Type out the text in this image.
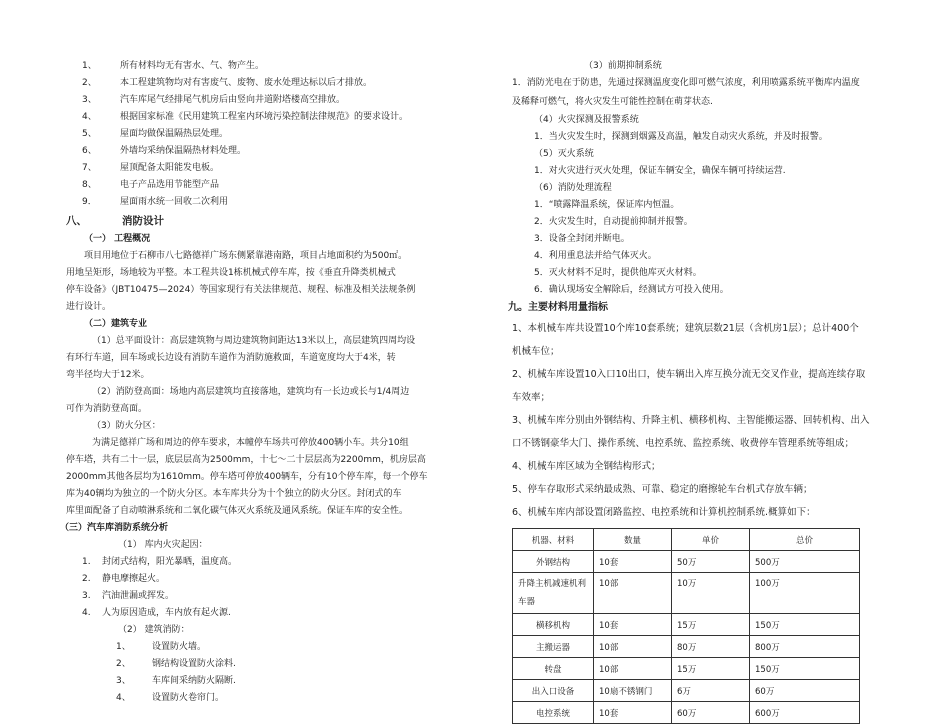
1、	所有材料均无有害水、气、物产生。
2、	本工程建筑物均对有害废气、废物、废水处理达标以后才排放。
3、	汽车库尾气经排尾气机房后由竖向井道附塔楼高空排放。
4、	根据国家标准《民用建筑工程室内环境污染控制法律规范》的要求设计。
5、	屋面均做保温隔热层处理。
6、	外墙均采纳保温隔热材料处理。
7、	屋顶配备太阳能发电板。
8、	电子产品选用节能型产品
9．	屋面雨水统一回收二次利用
八、	消防设计
（一） 工程概况
项目用地位于石柳市八七路德祥广场东侧紧靠港南路，项目占地面积约为500㎡。
用地呈矩形，场地较为平整。本工程共设1栋机械式停车库，按《垂直升降类机械式
停车设备》（JBT10475—2024）等国家现行有关法律规范、规程、标准及相关法规条例
进行设计。
（二）建筑专业
（1）总平面设计：高层建筑物与周边建筑物间距达13米以上，高层建筑四周均设
有环行车道，回车场或长边设有消防车道作为消防施救面，车道宽度均大于4米，转
弯半径均大于12米。
（2）消防登高面：场地内高层建筑均直接落地，建筑均有一长边或长与1/4周边
可作为消防登高面。
（3）防火分区：
为满足德祥广场和周边的停车要求，本幢停车场共可停放400辆小车。共分10组
停车塔，共有二十一层，底层层高为2500mm，十七～二十层层高为2200mm，机房层高
2000mm其他各层均为1610mm。停车塔可停放400辆车，分有10个停车库，每一个停车
库为40辆均为独立的一个防火分区。本车库共分为十个独立的防火分区。封闭式的车
库里面配备了自动喷淋系统和二氧化碳气体灭火系统及通风系统。保证车库的安全性。
（三）汽车库消防系统分析
（1） 库内火灾起因：
1. 封闭式结构，阳光暴晒，温度高。
2. 静电摩擦起火。
3. 汽油泄漏或挥发。
4. 人为原因造成，车内放有起火源.
（2） 建筑消防：
1、 设置防火墙。
2、 钢结构设置防火涂料.
3、 车库间采纳防火隔断.
4、 设置防火卷帘门。
（3）前期抑制系统
1．消防光电在于防患，先通过探测温度变化即可燃气浓度，利用喷露系统平衡库内温度
及稀释可燃气，将火灾发生可能性控制在萌芽状态.
（4）火灾探测及报警系统
1．当火灾发生时，探测到烟露及高温，触发自动灾火系统，并及时报警。
（5）灭火系统
1．对火灾进行灭火处理，保证车辆安全，确保车辆可持续运营.
（6）消防处理流程
1．“喷露降温系统，保证库内恒温。
2．火灾发生时，自动提前抑制并报警。
3．设备全封闭并断电。
4．利用重息法并给气体灭火。
5．灭火材料不足时，提供他库灭火材料。
6．确认现场安全解除后，经测试方可投入使用。
九。主要材料用量指标
1、本机械车库共设置10个库10套系统；建筑层数21层（含机房1层）；总计400个
机械车位；
2、机械车库设置10入口10出口，使车辆出入库互换分流无交叉作业，提高连续存取
车效率；
3、机械车库分别由外钢结构、升降主机、横移机构、主智能搬运器、回转机构、出入
口不锈钢豪华大门、操作系统、电控系统、监控系统、收费停车管理系统等组成；
4、机械车库区域为全钢结构形式；
5、停车存取形式采纳最成熟、可靠、稳定的磨擦轮车台机式存放车辆；
6、机械车库内部设置闭路监控、电控系统和计算机控制系统.概算如下：
机器、材料	数量	单价	总价
外钢结构	10套	50万	500万
升降主机减速机利车器	10部	10万	100万
横移机构	10套	15万	150万
主搬运器	10部	80万	800万
转盘	10部	15万	150万
出入口设备	10扇不锈钢门	6万	60万
电控系统	10套	60万	600万
